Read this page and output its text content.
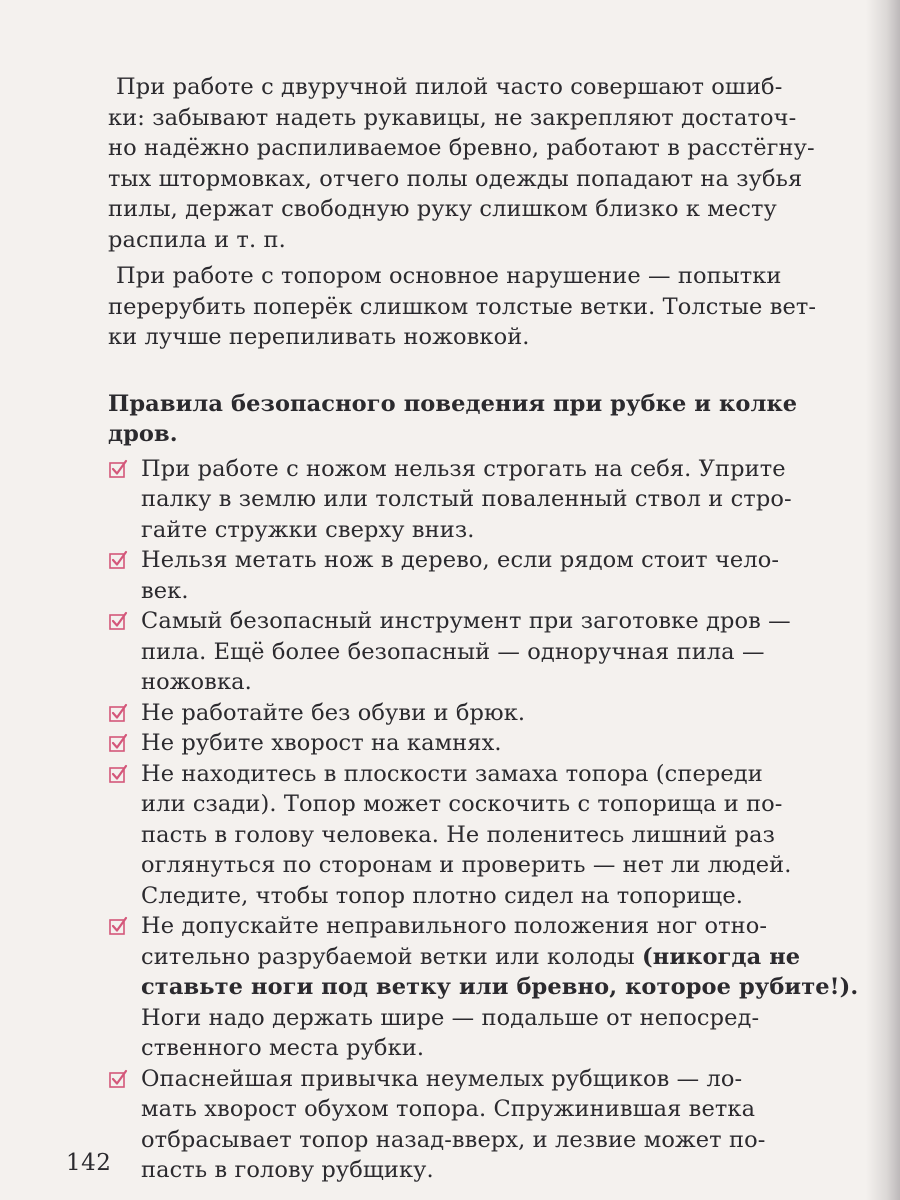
При работе с двуручной пилой часто совершают ошиб-
ки: забывают надеть рукавицы, не закрепляют достаточ-
но надёжно распиливаемое бревно, работают в расстёгну-
тых штормовках, отчего полы одежды попадают на зубья
пилы, держат свободную руку слишком близко к месту
распила и т. п.

При работе с топором основное нарушение — попытки
перерубить поперёк слишком толстые ветки. Толстые вет-
ки лучше перепиливать ножовкой.

Правила безопасного поведения при рубке и колке
дров.
При работе с ножом нельзя строгать на себя. Уприте
палку в землю или толстый поваленный ствол и стро-
гайте стружки сверху вниз.
Нельзя метать нож в дерево, если рядом стоит чело-
век.
Самый безопасный инструмент при заготовке дров —
пила. Ещё более безопасный — одноручная пила —
ножовка.
Не работайте без обуви и брюк.
Не рубите хворост на камнях.
Не находитесь в плоскости замаха топора (спереди
или сзади). Топор может соскочить с топорища и по-
пасть в голову человека. Не поленитесь лишний раз
оглянуться по сторонам и проверить — нет ли людей.
Следите, чтобы топор плотно сидел на топорище.
Не допускайте неправильного положения ног отно-
сительно разрубаемой ветки или колоды (никогда не
ставьте ноги под ветку или бревно, которое рубите!).
Ноги надо держать шире — подальше от непосред-
ственного места рубки.
Опаснейшая привычка неумелых рубщиков — ло-
мать хворост обухом топора. Спружинившая ветка
отбрасывает топор назад-вверх, и лезвие может по-
пасть в голову рубщику.
142
